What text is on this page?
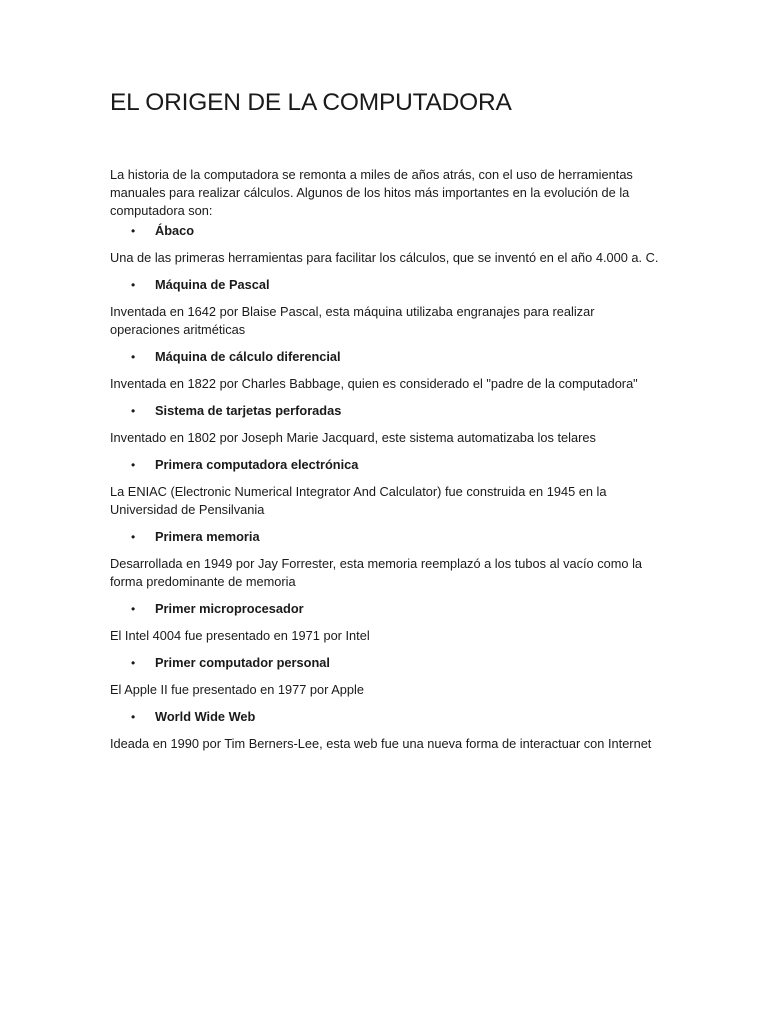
EL ORIGEN DE LA COMPUTADORA

La historia de la computadora se remonta a miles de años atrás, con el uso de herramientas manuales para realizar cálculos. Algunos de los hitos más importantes en la evolución de la computadora son:

•	Ábaco

Una de las primeras herramientas para facilitar los cálculos, que se inventó en el año 4.000 a. C.

•	Máquina de Pascal

Inventada en 1642 por Blaise Pascal, esta máquina utilizaba engranajes para realizar operaciones aritméticas

•	Máquina de cálculo diferencial

Inventada en 1822 por Charles Babbage, quien es considerado el "padre de la computadora"

•	Sistema de tarjetas perforadas

Inventado en 1802 por Joseph Marie Jacquard, este sistema automatizaba los telares

•	Primera computadora electrónica

La ENIAC (Electronic Numerical Integrator And Calculator) fue construida en 1945 en la Universidad de Pensilvania

•	Primera memoria

Desarrollada en 1949 por Jay Forrester, esta memoria reemplazó a los tubos al vacío como la forma predominante de memoria

•	Primer microprocesador

El Intel 4004 fue presentado en 1971 por Intel

•	Primer computador personal

El Apple II fue presentado en 1977 por Apple

•	World Wide Web

Ideada en 1990 por Tim Berners-Lee, esta web fue una nueva forma de interactuar con Internet
